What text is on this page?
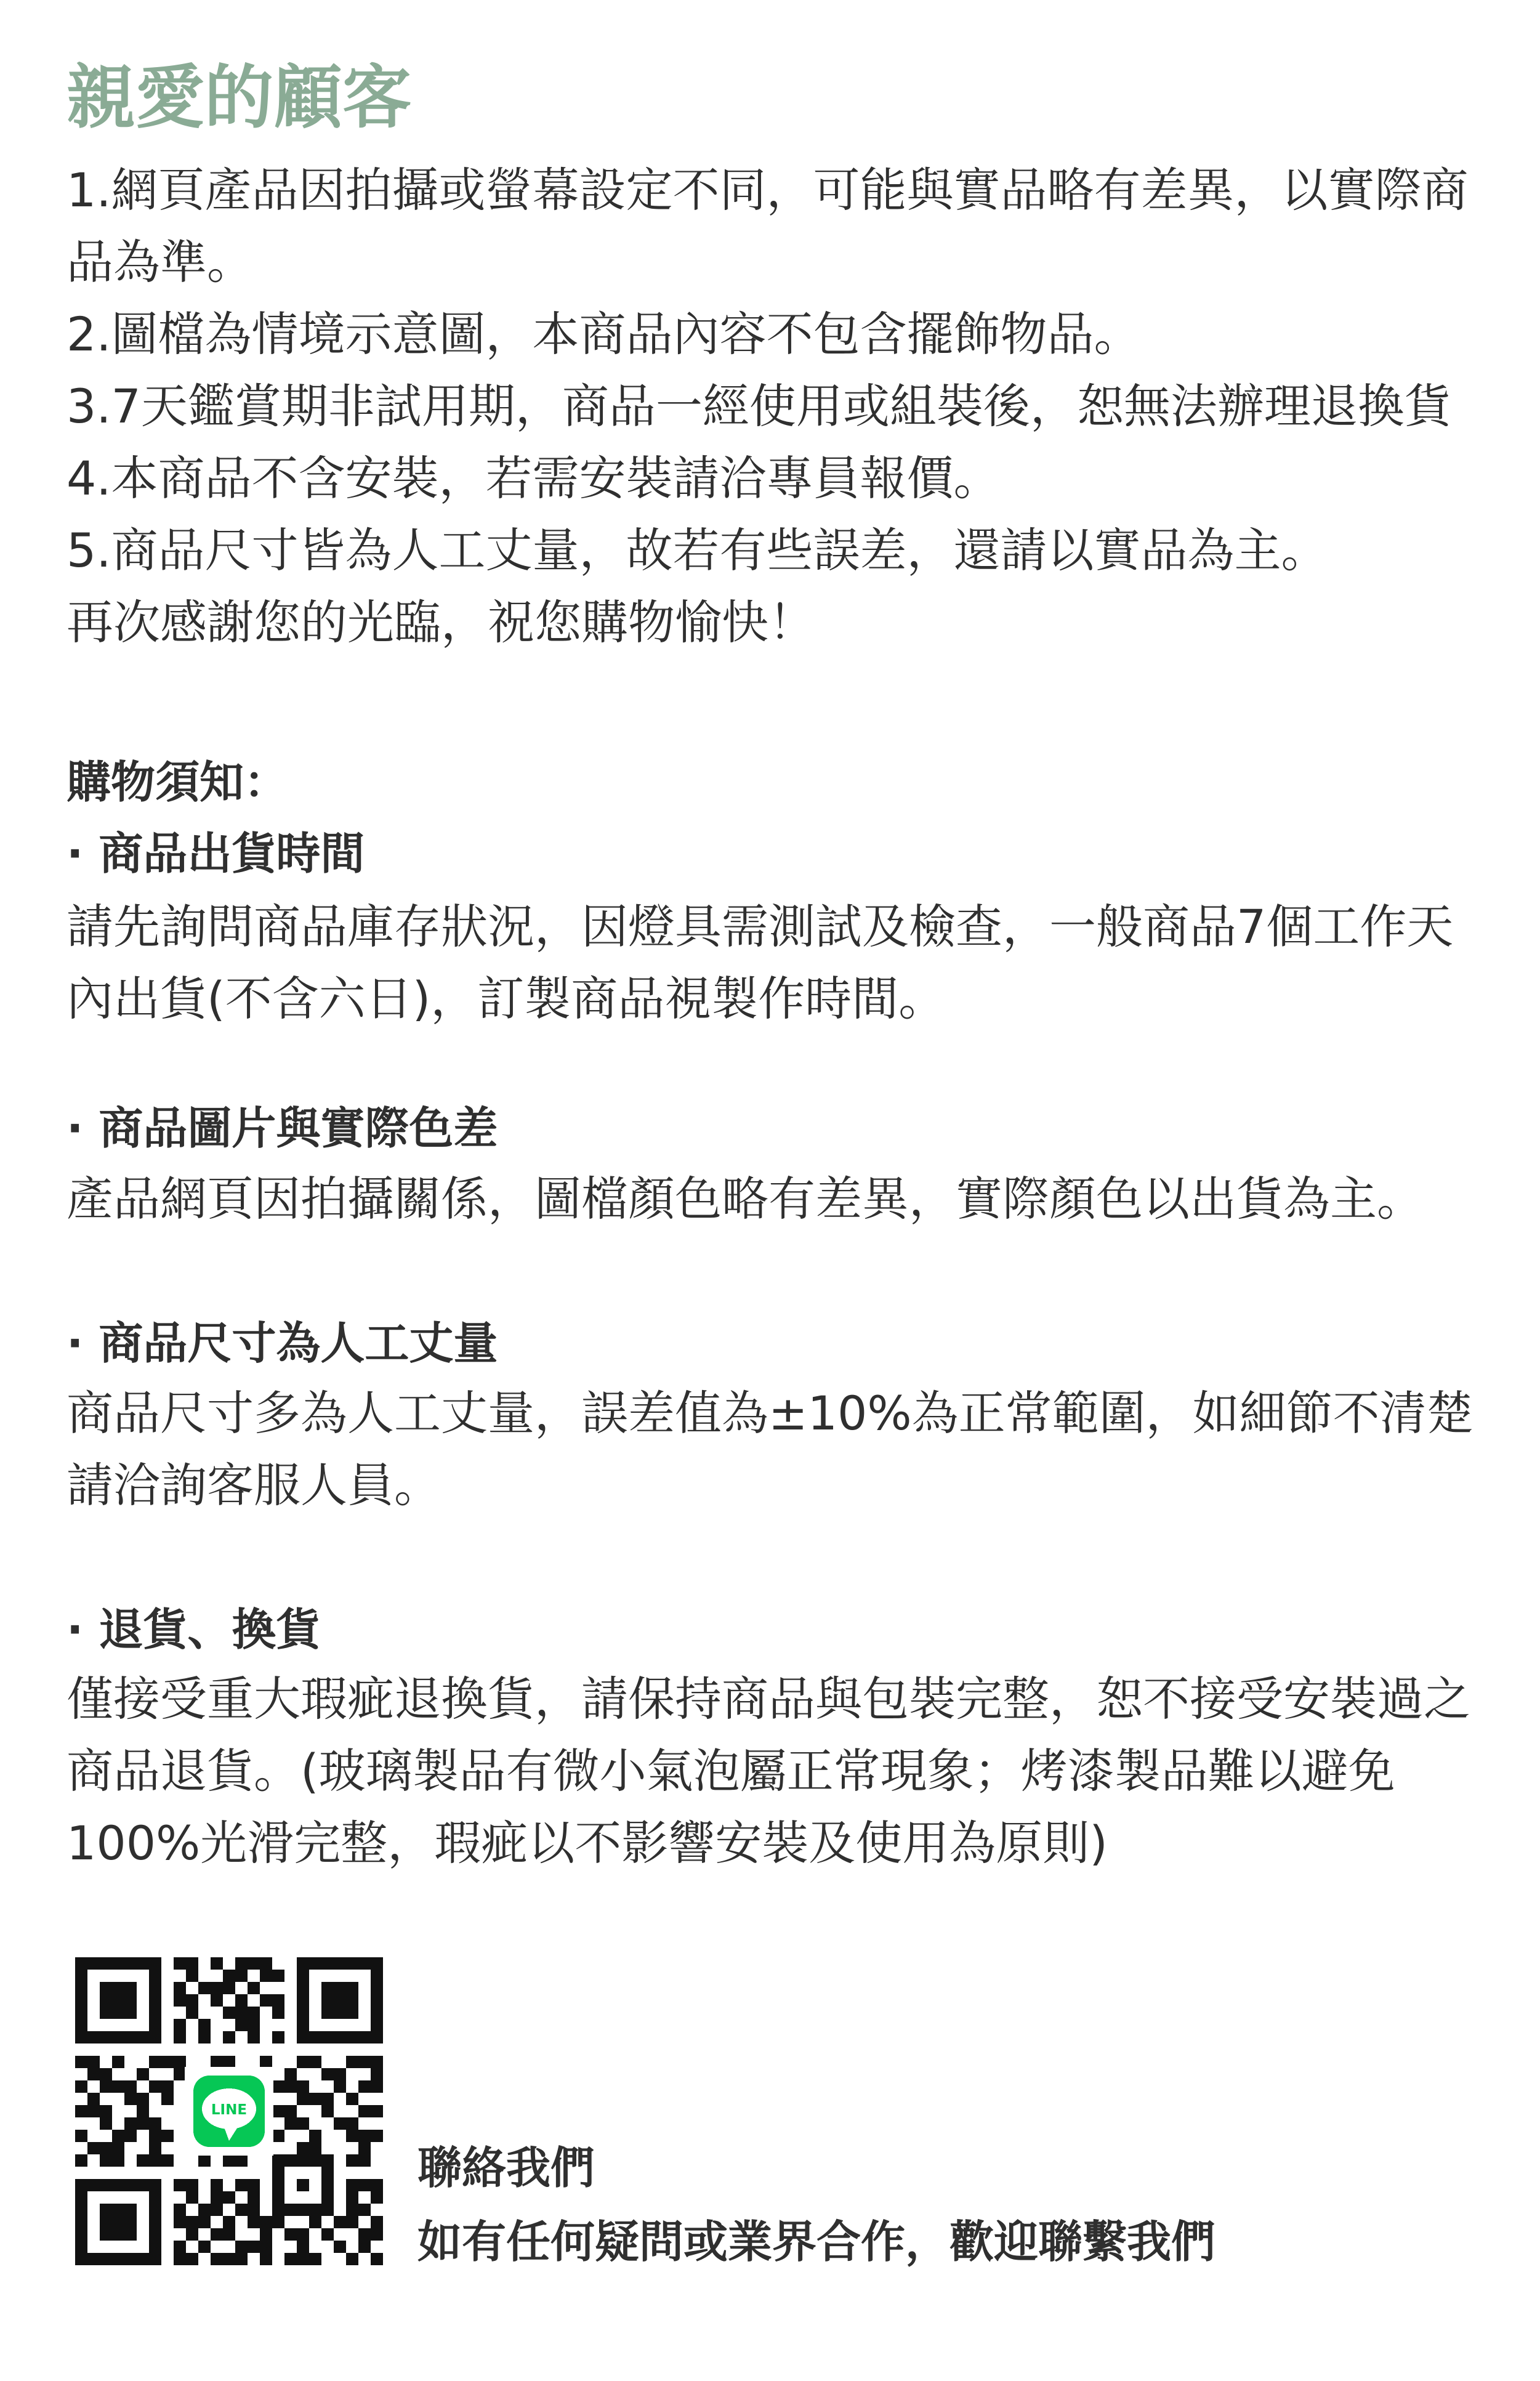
親愛的顧客

1.網頁產品因拍攝或螢幕設定不同，可能與實品略有差異，以實際商品為準。

2.圖檔為情境示意圖，本商品內容不包含擺飾物品。

3.7天鑑賞期非試用期，商品一經使用或組裝後，恕無法辦理退換貨

4.本商品不含安裝，若需安裝請洽專員報價。

5.商品尺寸皆為人工丈量，故若有些誤差，還請以實品為主。

再次感謝您的光臨，祝您購物愉快！

購物須知：
· 商品出貨時間

請先詢問商品庫存狀況，因燈具需測試及檢查，一般商品7個工作天

內出貨(不含六日)，訂製商品視製作時間。

· 商品圖片與實際色差

產品網頁因拍攝關係，圖檔顏色略有差異，實際顏色以出貨為主。

· 商品尺寸為人工丈量

商品尺寸多為人工丈量，誤差值為±10%為正常範圍，如細節不清楚

請洽詢客服人員。

· 退貨、換貨

僅接受重大瑕疵退換貨，請保持商品與包裝完整，恕不接受安裝過之

商品退貨。(玻璃製品有微小氣泡屬正常現象；烤漆製品難以避免

100%光滑完整，瑕疵以不影響安裝及使用為原則)

LINE
聯絡我們

如有任何疑問或業界合作，歡迎聯繫我們
